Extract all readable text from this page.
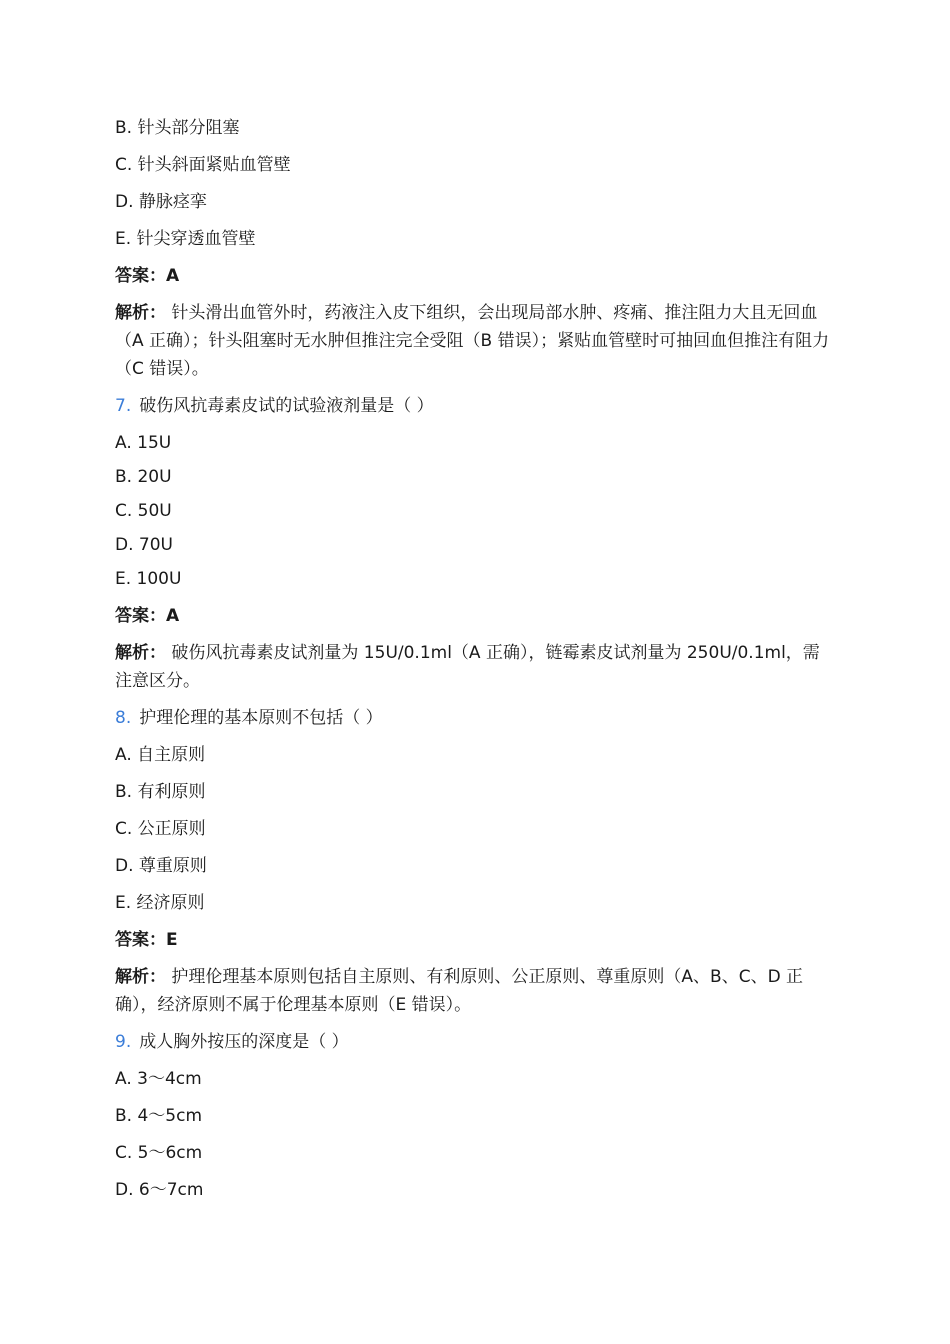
B. 针头部分阻塞

C. 针头斜面紧贴血管壁

D. 静脉痉挛

E. 针尖穿透血管壁

答案：A

解析： 针头滑出血管外时，药液注入皮下组织，会出现局部水肿、疼痛、推注阻力大且无回血（A 正确）；针头阻塞时无水肿但推注完全受阻（B 错误）；紧贴血管壁时可抽回血但推注有阻力（C 错误）。

7. 破伤风抗毒素皮试的试验液剂量是（ ）

A. 15U

B. 20U

C. 50U

D. 70U

E. 100U

答案：A

解析： 破伤风抗毒素皮试剂量为 15U/0.1ml（A 正确），链霉素皮试剂量为 250U/0.1ml，需注意区分。

8. 护理伦理的基本原则不包括（ ）

A. 自主原则

B. 有利原则

C. 公正原则

D. 尊重原则

E. 经济原则

答案：E

解析： 护理伦理基本原则包括自主原则、有利原则、公正原则、尊重原则（A、B、C、D 正确），经济原则不属于伦理基本原则（E 错误）。

9. 成人胸外按压的深度是（ ）

A. 3～4cm

B. 4～5cm

C. 5～6cm

D. 6～7cm
